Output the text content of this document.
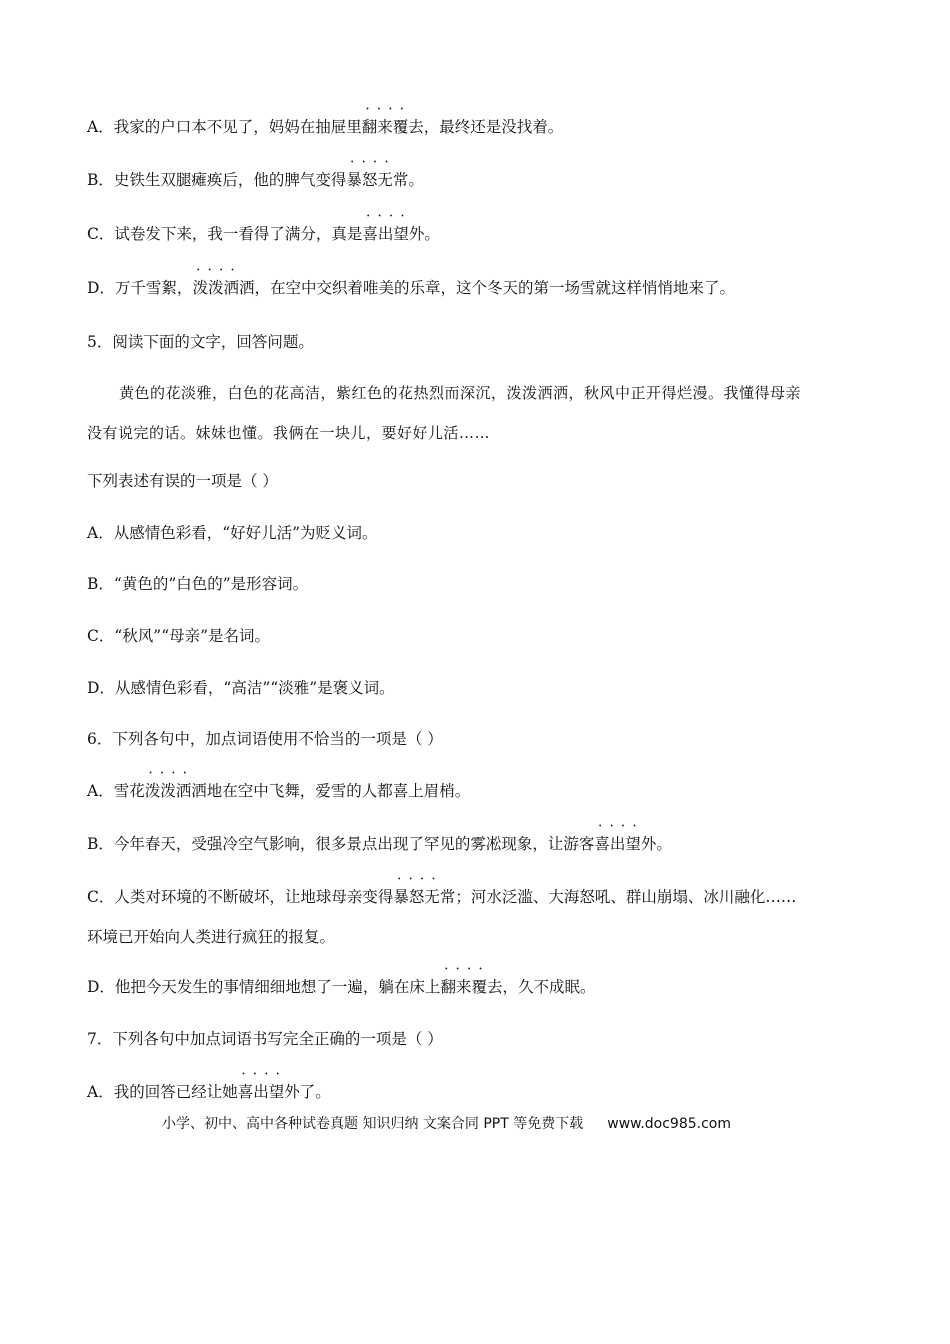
A．我家的户口本不见了，妈妈在抽屉里• • • • 翻来覆去，最终还是没找着。
B．史铁生双腿瘫痪后，他的脾气变得• • • • 暴怒无常。
C．试卷发下来，我一看得了满分，真是• • • • 喜出望外。
D．万千雪絮，• • • • 泼泼洒洒，在空中交织着唯美的乐章，这个冬天的第一场雪就这样悄悄地来了。
5．阅读下面的文字，回答问题。
黄色的花淡雅，白色的花高洁，紫红色的花热烈而深沉，泼泼洒洒，秋风中正开得烂漫。我懂得母亲
没有说完的话。妹妹也懂。我俩在一块儿，要好好儿活……
下列表述有误的一项是（ ）
A．从感情色彩看，“好好儿活”为贬义词。
B．“黄色的”白色的”是形容词。
C．“秋风”“母亲”是名词。
D．从感情色彩看，“高洁”“淡雅”是褒义词。
6．下列各句中，加点词语使用不恰当的一项是（ ）
A．雪花• • • • 泼泼洒洒地在空中飞舞，爱雪的人都喜上眉梢。
B．今年春天，受强冷空气影响，很多景点出现了罕见的雾凇现象，让游客• • • • 喜出望外。
C．人类对环境的不断破坏，让地球母亲变得• • • • 暴怒无常；河水泛滥、大海怒吼、群山崩塌、冰川融化……
环境已开始向人类进行疯狂的报复。
D．他把今天发生的事情细细地想了一遍，躺在床上• • • • 翻来覆去，久不成眠。
7．下列各句中加点词语书写完全正确的一项是（ ）
A．我的回答已经让她• • • • 喜出望外了。
小学、初中、高中各种试卷真题 知识归纳 文案合同 PPT 等免费下载 www.doc985.com
